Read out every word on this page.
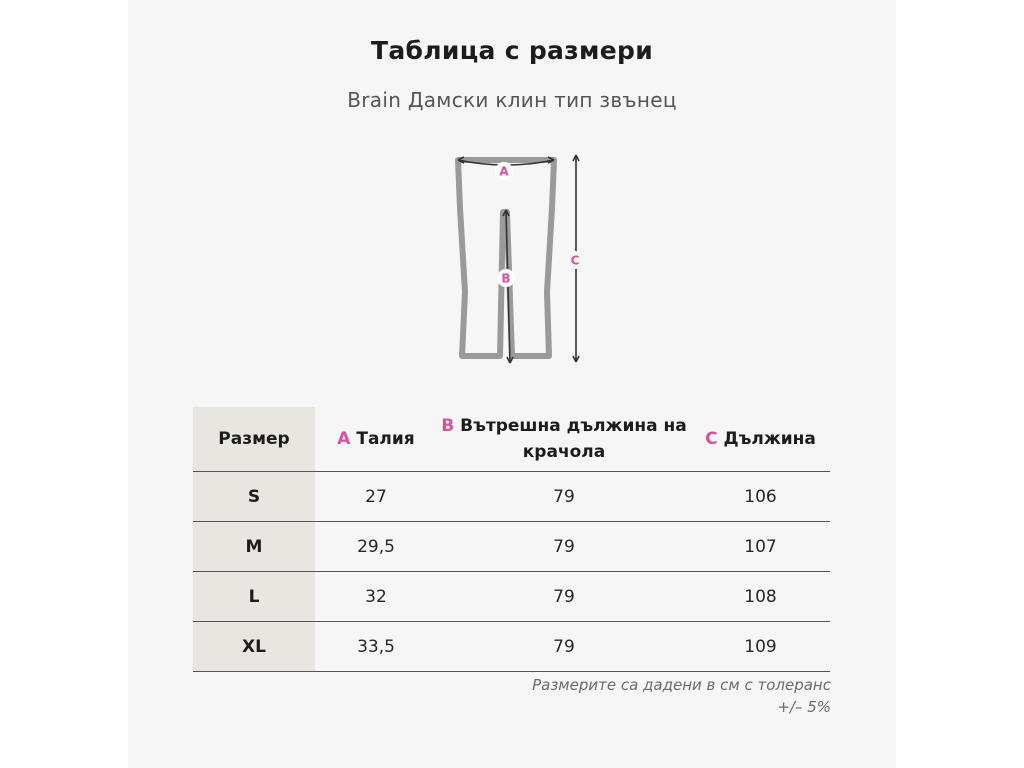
Таблица с размери
Brain Дамски клин тип звънец
A
B
C
Размер	A Талия	B Вътрешна дължина на крачола	C Дължина
S	27	79	106
M	29,5	79	107
L	32	79	108
XL	33,5	79	109
Размерите са дадени в см с толеранс +/– 5%
